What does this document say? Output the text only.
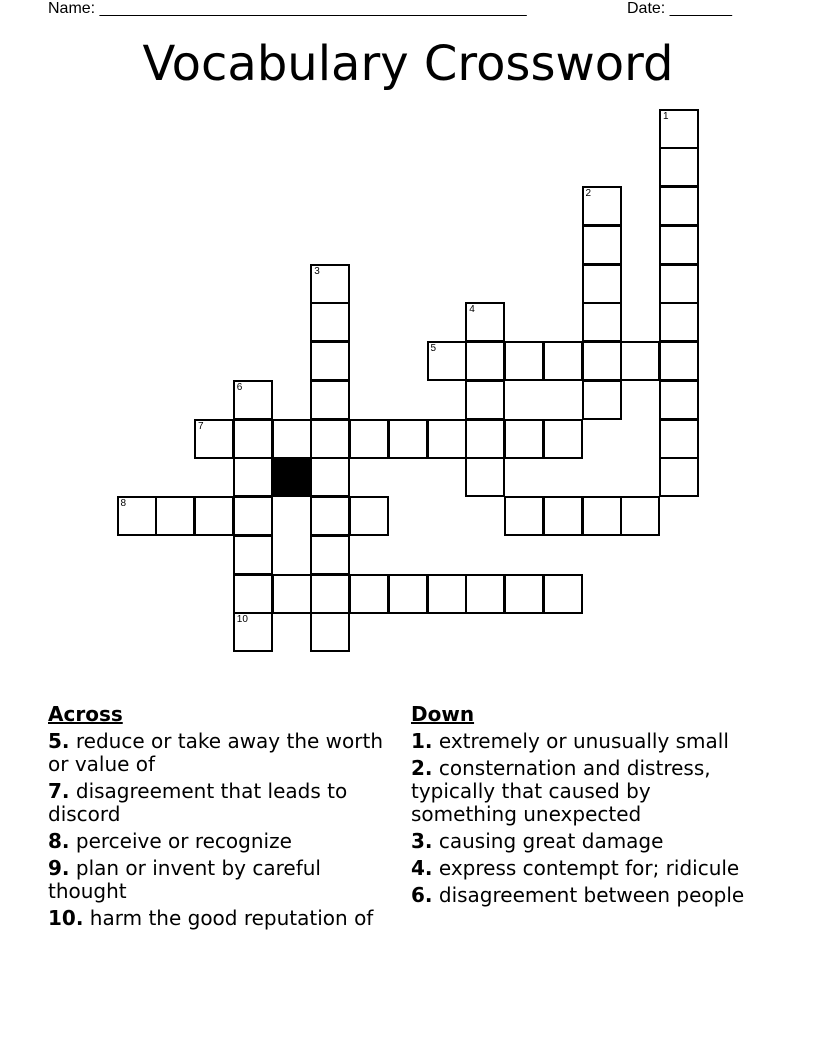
Name: ________________________________________________	Date: _______
Vocabulary Crossword
1
2
3
4
5
6
10
7
8
Across
5. reduce or take away the worth or value of
7. disagreement that leads to discord
8. perceive or recognize
9. plan or invent by careful thought
10. harm the good reputation of
Down
1. extremely or unusually small
2. consternation and distress, typically that caused by something unexpected
3. causing great damage
4. express contempt for; ridicule
6. disagreement between people
